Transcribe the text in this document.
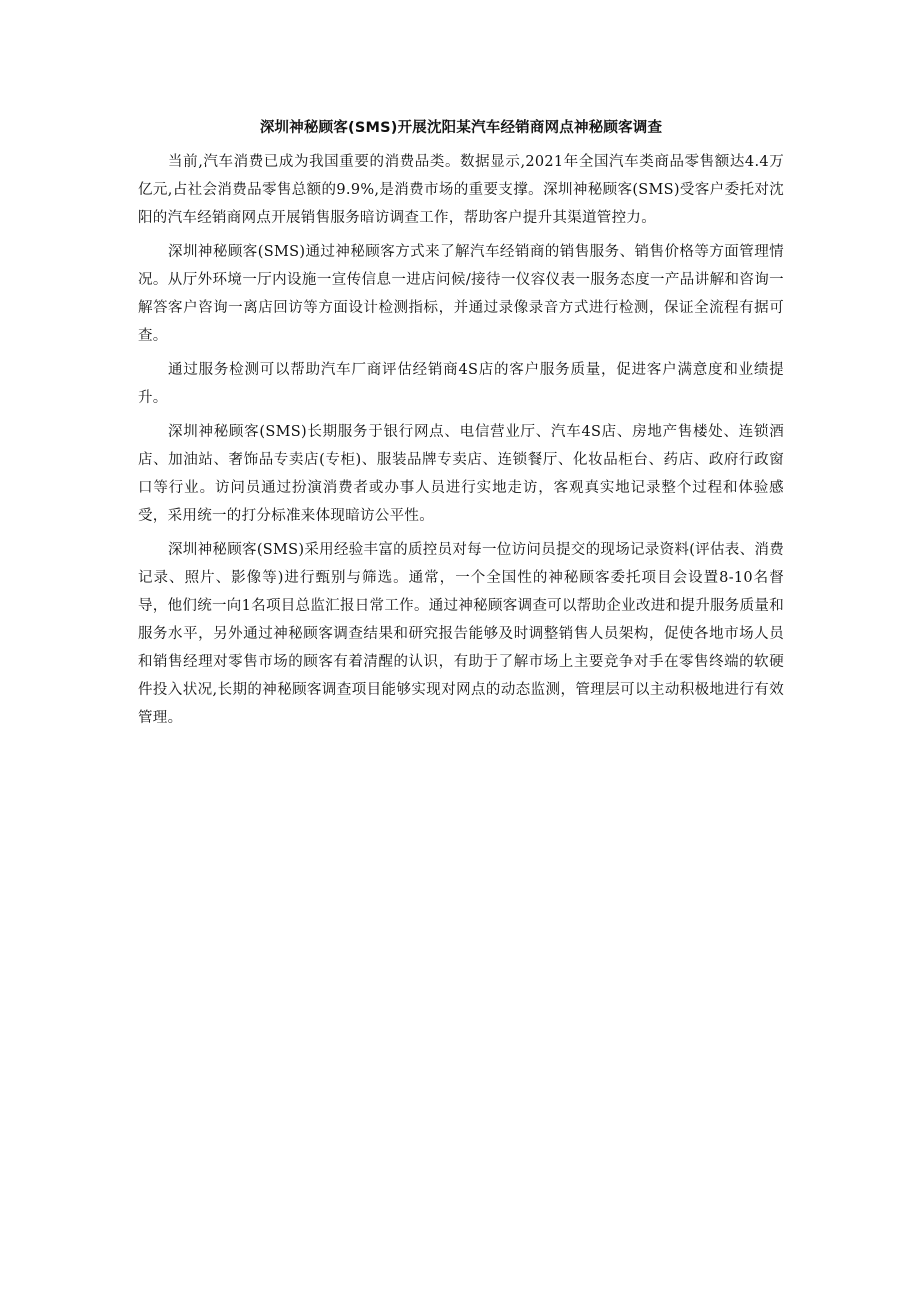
深圳神秘顾客(SMS)开展沈阳某汽车经销商网点神秘顾客调查

当前,汽车消费已成为我国重要的消费品类。数据显示,2021年全国汽车类商品零售额达4.4万亿元,占社会消费品零售总额的9.9%,是消费市场的重要支撑。深圳神秘顾客(SMS)受客户委托对沈阳的汽车经销商网点开展销售服务暗访调查工作，帮助客户提升其渠道管控力。

深圳神秘顾客(SMS)通过神秘顾客方式来了解汽车经销商的销售服务、销售价格等方面管理情况。从厅外环境一厅内设施一宣传信息一进店问候/接待一仪容仪表一服务态度一产品讲解和咨询一解答客户咨询一离店回访等方面设计检测指标，并通过录像录音方式进行检测，保证全流程有据可查。

通过服务检测可以帮助汽车厂商评估经销商4S店的客户服务质量，促进客户满意度和业绩提升。

深圳神秘顾客(SMS)长期服务于银行网点、电信营业厅、汽车4S店、房地产售楼处、连锁酒店、加油站、奢饰品专卖店(专柜)、服装品牌专卖店、连锁餐厅、化妆品柜台、药店、政府行政窗口等行业。访问员通过扮演消费者或办事人员进行实地走访，客观真实地记录整个过程和体验感受，采用统一的打分标准来体现暗访公平性。

深圳神秘顾客(SMS)采用经验丰富的质控员对每一位访问员提交的现场记录资料(评估表、消费记录、照片、影像等)进行甄别与筛选。通常，一个全国性的神秘顾客委托项目会设置8-10名督导，他们统一向1名项目总监汇报日常工作。通过神秘顾客调查可以帮助企业改进和提升服务质量和服务水平，另外通过神秘顾客调查结果和研究报告能够及时调整销售人员架构，促使各地市场人员和销售经理对零售市场的顾客有着清醒的认识，有助于了解市场上主要竞争对手在零售终端的软硬件投入状况,长期的神秘顾客调查项目能够实现对网点的动态监测，管理层可以主动积极地进行有效管理。
